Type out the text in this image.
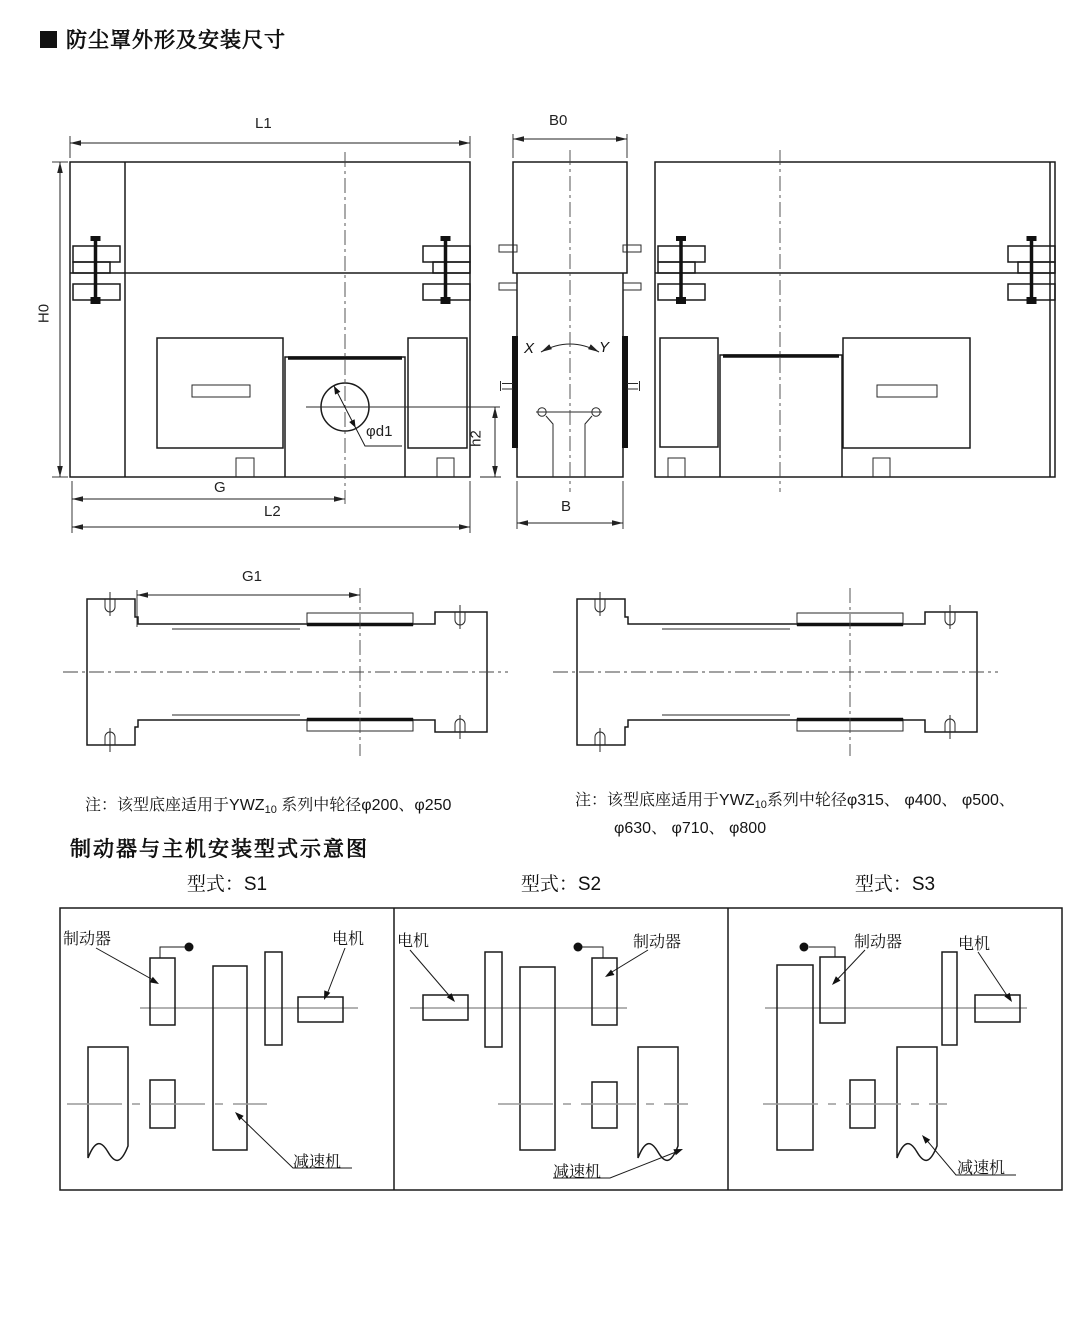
防尘罩外形及安装尺寸
L1	B0
H0
X	Y
φd1	h2
G
L2	B
G1
注：该型底座适用于$YWZ_{10}$ 系列中轮径φ200、φ250	注：该型底座适用于$YWZ_{10}$系列中轮径φ315、 φ400、 φ500、
φ630、 φ710、 φ800
制动器与主机安装型式示意图
型式：S1	型式：S2	型式：S3
制动器	电机
减速机
电机	制动器
减速机
制动器	电机
减速机
